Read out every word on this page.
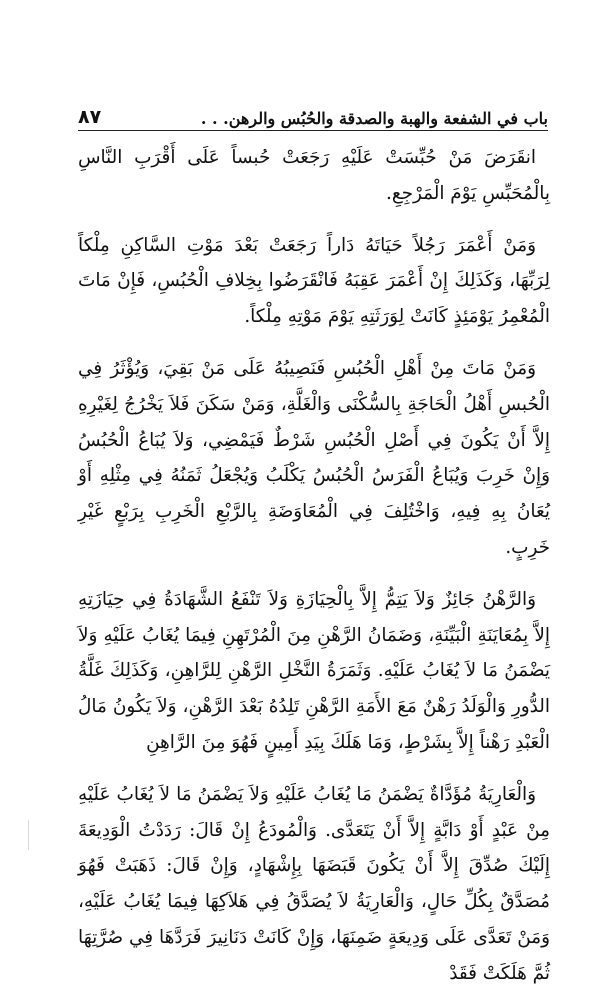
باب في الشفعة والهبة والصدقة والحُبُس والرهن. . .
٨٧

انقَرَضَ مَنْ حُبِّسَتْ عَلَيْهِ رَجَعَتْ حُبساً عَلَى أَقْرَبِ النَّاسِ بِالْمُحَبِّسِ يَوْمَ الْمَرْجِعِ.

وَمَنْ أَعْمَرَ رَجُلاً حَيَاتَهُ دَاراً رَجَعَتْ بَعْدَ مَوْتِ السَّاكِنِ مِلْكاً لِرَبِّهَا، وَكَذَلِكَ إِنْ أَعْمَرَ عَقِبَهُ فَانْقَرَضُوا بِخِلافِ الْحُبُسِ، فَإِنْ مَاتَ الْمُعْمِرُ يَوْمَئِذٍ كَانَتْ لِوَرَثَتِهِ يَوْمَ مَوْتِهِ مِلْكاً.

وَمَنْ مَاتَ مِنْ أَهْلِ الْحُبُسِ فَنَصِيبُهُ عَلَى مَنْ بَقِيَ، وَيُؤْثَرُ فِي الْحُبسِ أَهْلُ الْحَاجَةِ بِالسُّكْنَى وَالْغَلَّةِ، وَمَنْ سَكَنَ فَلاَ يَخْرُجُ لِغَيْرِهِ إِلاَّ أَنْ يَكُونَ فِي أَصْلِ الْحُبُسِ شَرْطٌ فَيَمْضِي، وَلاَ يُبَاعُ الْحُبُسُ وَإِنْ خَرِبَ وَيُبَاعُ الْفَرَسُ الْحُبُسُ يَكْلَبُ وَيُجْعَلُ ثَمَنُهُ فِي مِثْلِهِ أَوْ يُعَانُ بِهِ فِيهِ، وَاخْتُلِفَ فِي الْمُعَاوَضَةِ بِالرَّبْعِ الْخَرِبِ بِرَبْعٍ غَيْرِ خَرِبٍ.

وَالرَّهْنُ جَائِزٌ وَلاَ يَتِمُّ إِلاَّ بِالْحِيَازَةِ وَلاَ تَنْفَعُ الشَّهَادَةُ فِي حِيَازَتِهِ إِلاَّ بِمُعَايَنَةِ الْبَيِّنَةِ، وَضَمَانُ الرَّهْنِ مِنَ الْمُرْتَهِنِ فِيمَا يُغَابُ عَلَيْهِ وَلاَ يَضْمَنُ مَا لاَ يُغَابُ عَلَيْهِ. وَثَمَرَةُ النَّخْلِ الرَّهْنِ لِلرَّاهِنِ، وَكَذَلِكَ غَلَّةُ الدُّورِ وَالْوَلَدُ رَهْنٌ مَعَ الأَمَةِ الرَّهْنِ تَلِدُهُ بَعْدَ الرَّهْنِ، وَلاَ يَكُونُ مَالُ الْعَبْدِ رَهْناً إِلاَّ بِشَرْطٍ، وَمَا هَلَكَ بِيَدِ أَمِينٍ فَهُوَ مِنَ الرَّاهِنِ

وَالْعَارِيَةُ مُؤَدَّاةٌ يَضْمَنُ مَا يُغَابُ عَلَيْهِ وَلاَ يَضْمَنُ مَا لاَ يُغَابُ عَلَيْهِ مِنْ عَبْدٍ أَوْ دَابَّةٍ إِلاَّ أَنْ يَتَعَدَّى. وَالْمُودَعُ إِنْ قَالَ: رَدَدْتُ الْوَدِيعَةَ إِلَيْكَ صُدِّقَ إِلاَّ أَنْ يَكُونَ قَبَضَهَا بِإِشْهَادٍ، وَإِنْ قَالَ: ذَهَبَتْ فَهُوَ مُصَدَّقٌ بِكُلِّ حَالٍ، وَالْعَارِيَةُ لاَ يُصَدَّقُ فِي هَلاَكِهَا فِيمَا يُغَابُ عَلَيْهِ، وَمَنْ تَعَدَّى عَلَى وَدِيعَةٍ ضَمِنَهَا، وَإِنْ كَانَتْ دَنَانِيرَ فَرَدَّهَا فِي صُرَّتِهَا ثُمَّ هَلَكَتْ فَقَدْ
